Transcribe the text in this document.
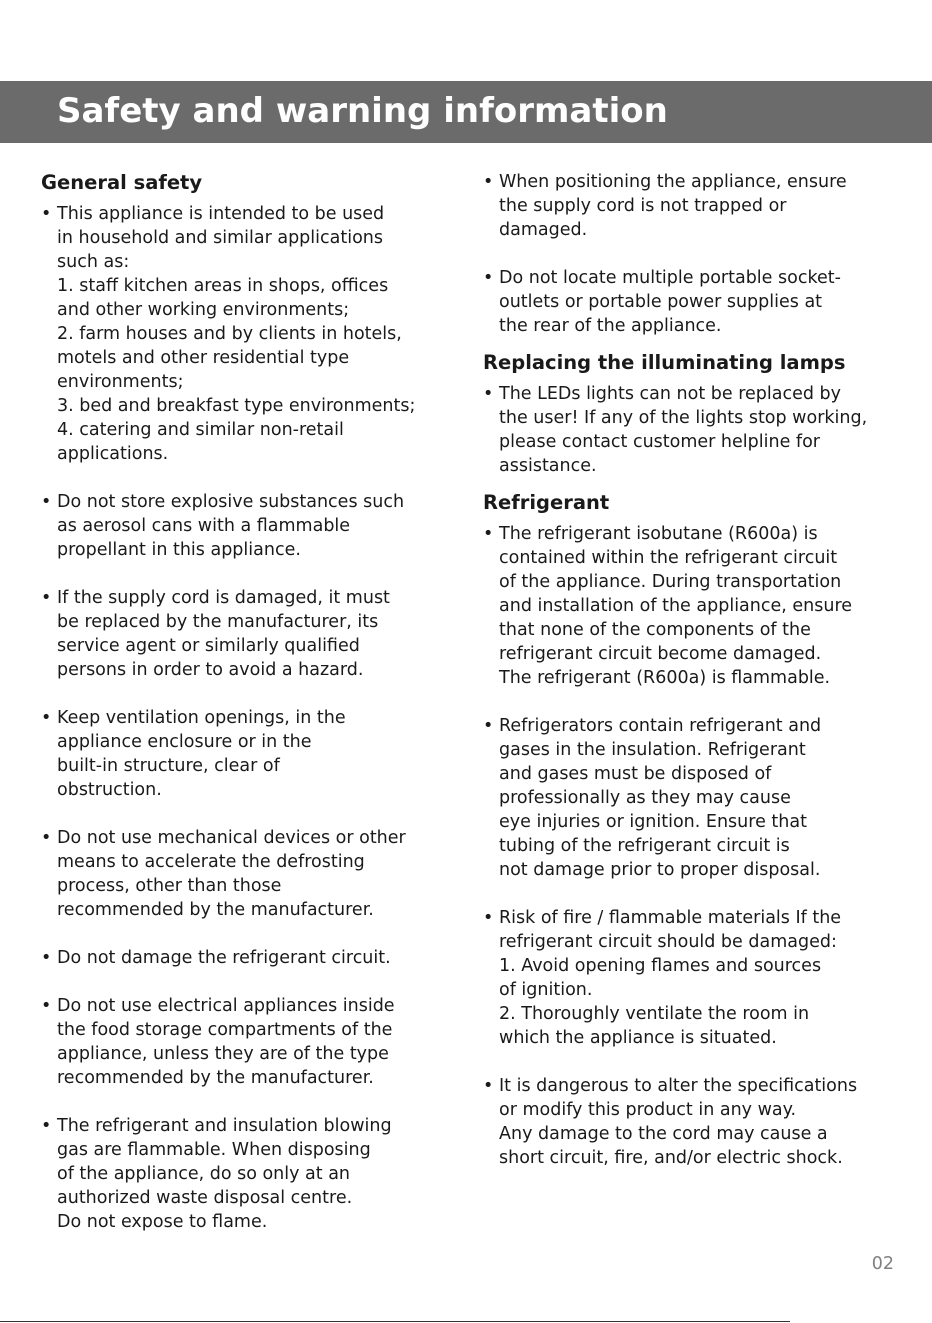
Safety and warning information
General safety
• This appliance is intended to be used
in household and similar applications
such as:
1. staff kitchen areas in shops, offices
and other working environments;
2. farm houses and by clients in hotels,
motels and other residential type
environments;
3. bed and breakfast type environments;
4. catering and similar non-retail
applications.
• Do not store explosive substances such
as aerosol cans with a flammable
propellant in this appliance.
• If the supply cord is damaged, it must
be replaced by the manufacturer, its
service agent or similarly qualified
persons in order to avoid a hazard.
• Keep ventilation openings, in the
appliance enclosure or in the
built-in structure, clear of
obstruction.
• Do not use mechanical devices or other
means to accelerate the defrosting
process, other than those
recommended by the manufacturer.
• Do not damage the refrigerant circuit.
• Do not use electrical appliances inside
the food storage compartments of the
appliance, unless they are of the type
recommended by the manufacturer.
• The refrigerant and insulation blowing
gas are flammable. When disposing
of the appliance, do so only at an
authorized waste disposal centre.
Do not expose to flame.
• When positioning the appliance, ensure
the supply cord is not trapped or
damaged.
• Do not locate multiple portable socket-
outlets or portable power supplies at
the rear of the appliance.
Replacing the illuminating lamps
• The LEDs lights can not be replaced by
the user! If any of the lights stop working,
please contact customer helpline for
assistance.
Refrigerant
• The refrigerant isobutane (R600a) is
contained within the refrigerant circuit
of the appliance. During transportation
and installation of the appliance, ensure
that none of the components of the
refrigerant circuit become damaged.
The refrigerant (R600a) is flammable.
• Refrigerators contain refrigerant and
gases in the insulation. Refrigerant
and gases must be disposed of
professionally as they may cause
eye injuries or ignition. Ensure that
tubing of the refrigerant circuit is
not damage prior to proper disposal.
• Risk of fire / flammable materials If the
refrigerant circuit should be damaged:
1. Avoid opening flames and sources
of ignition.
2. Thoroughly ventilate the room in
which the appliance is situated.
• It is dangerous to alter the specifications
or modify this product in any way.
Any damage to the cord may cause a
short circuit, fire, and/or electric shock.
02
